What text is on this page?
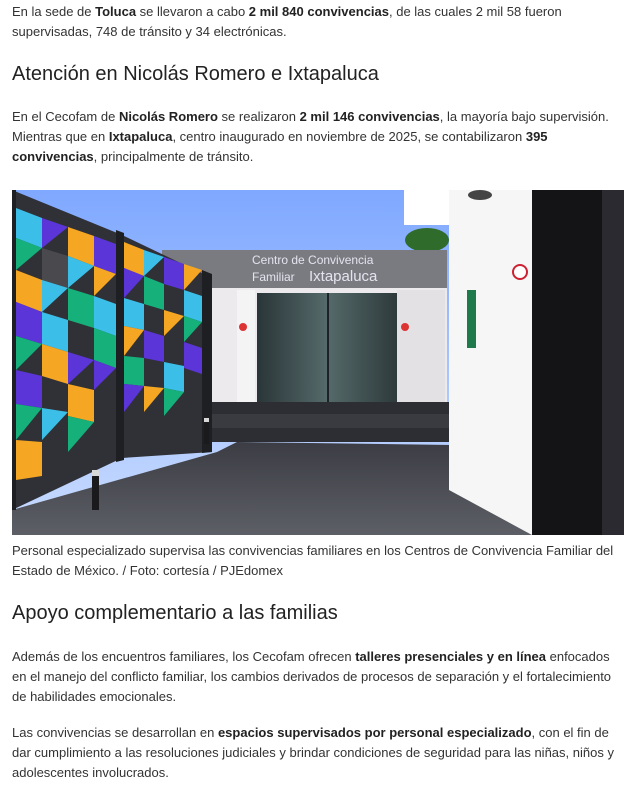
En la sede de Toluca se llevaron a cabo 2 mil 840 convivencias, de las cuales 2 mil 58 fueron supervisadas, 748 de tránsito y 34 electrónicas.

Atención en Nicolás Romero e Ixtapaluca

En el Cecofam de Nicolás Romero se realizaron 2 mil 146 convivencias, la mayoría bajo supervisión. Mientras que en Ixtapaluca, centro inaugurado en noviembre de 2025, se contabilizaron 395 convivencias, principalmente de tránsito.

Centro de Convivencia
Familiar Ixtapaluca

Personal especializado supervisa las convivencias familiares en los Centros de Convivencia Familiar del Estado de México. / Foto: cortesía / PJEdomex

Apoyo complementario a las familias

Además de los encuentros familiares, los Cecofam ofrecen talleres presenciales y en línea enfocados en el manejo del conflicto familiar, los cambios derivados de procesos de separación y el fortalecimiento de habilidades emocionales.

Las convivencias se desarrollan en espacios supervisados por personal especializado, con el fin de dar cumplimiento a las resoluciones judiciales y brindar condiciones de seguridad para las niñas, niños y adolescentes involucrados.
